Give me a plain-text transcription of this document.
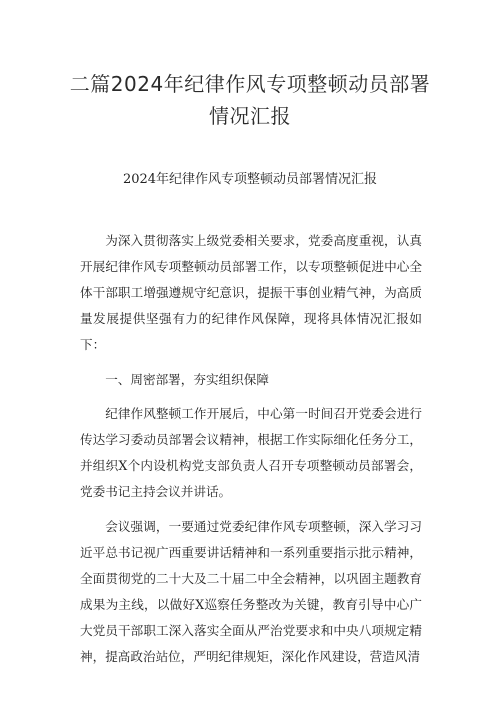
二篇2024年纪律作风专项整顿动员部署情况汇报
2024年纪律作风专项整顿动员部署情况汇报

为深入贯彻落实上级党委相关要求，党委高度重视，认真开展纪律作风专项整顿动员部署工作，以专项整顿促进中心全体干部职工增强遵规守纪意识，提振干事创业精气神，为高质量发展提供坚强有力的纪律作风保障，现将具体情况汇报如下：

一、周密部署，夯实组织保障

纪律作风整顿工作开展后，中心第一时间召开党委会进行传达学习委动员部署会议精神，根据工作实际细化任务分工，并组织X个内设机构党支部负责人召开专项整顿动员部署会，党委书记主持会议并讲话。

会议强调，一要通过党委纪律作风专项整顿，深入学习习近平总书记视广西重要讲话精神和一系列重要指示批示精神，全面贯彻党的二十大及二十届二中全会精神，以巩固主题教育成果为主线，以做好X巡察任务整改为关键，教育引导中心广大党员干部职工深入落实全面从严治党要求和中央八项规定精神，提高政治站位，严明纪律规矩，深化作风建设，营造风清
